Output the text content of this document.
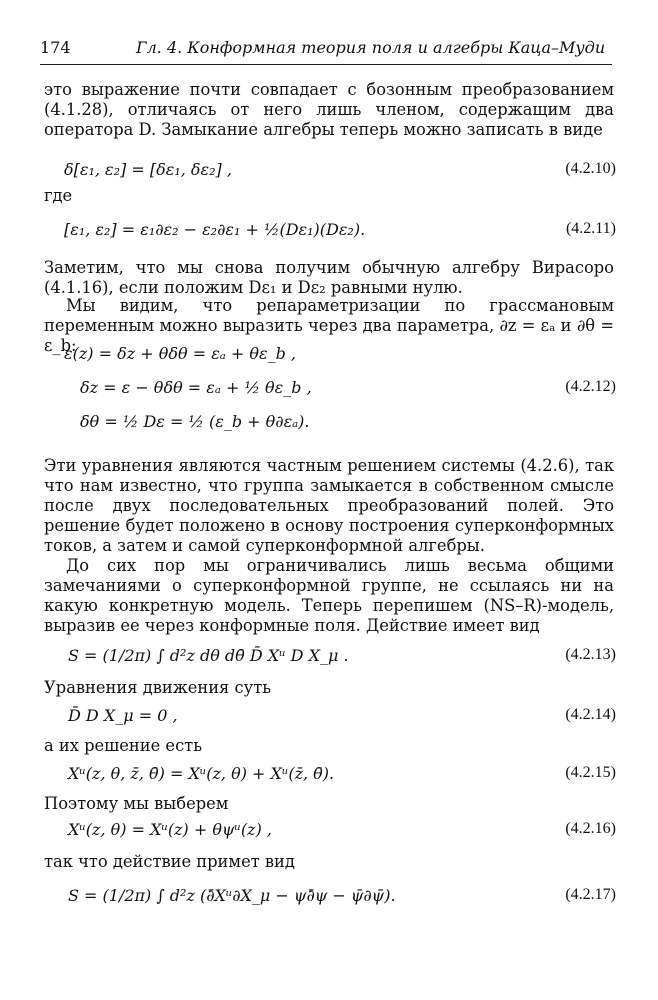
174	Гл. 4. Конформная теория поля и алгебры Каца–Муди
это выражение почти совпадает с бозонным преобразованием (4.1.28), отличаясь от него лишь членом, содержащим два оператора D. Замыкание алгебры теперь можно записать в виде
δ[ε₁, ε₂] = [δε₁, δε₂] ,	(4.2.10)
где
[ε₁, ε₂] = ε₁∂ε₂ − ε₂∂ε₁ + ½(Dε₁)(Dε₂).	(4.2.11)
Заметим, что мы снова получим обычную алгебру Вирасоро (4.1.16), если положим Dε₁ и Dε₂ равными нулю.
Мы видим, что репараметризации по грассмановым переменным можно выразить через два параметра, ∂z = εₐ и ∂θ = ε_b:
ε(z) = δz + θδθ = εₐ + θε_b ,
δz = ε − θδθ = εₐ + ½ θε_b ,	(4.2.12)
δθ = ½ Dε = ½ (ε_b + θ∂εₐ).
Эти уравнения являются частным решением системы (4.2.6), так что нам известно, что группа замыкается в собственном смысле после двух последовательных преобразований полей. Это решение будет положено в основу построения суперконформных токов, а затем и самой суперконформной алгебры.
До сих пор мы ограничивались лишь весьма общими замечаниями о суперконформной группе, не ссылаясь ни на какую конкретную модель. Теперь перепишем (NS–R)-модель, выразив ее через конформные поля. Действие имеет вид
S = (1/2π) ∫ d²z dθ dθ̄ D̄ Xᵘ D X_μ .	(4.2.13)
Уравнения движения суть
D̄ D X_μ = 0 ,	(4.2.14)
а их решение есть
Xᵘ(z, θ, z̄, θ̄) = Xᵘ(z, θ) + Xᵘ(z̄, θ̄).	(4.2.15)
Поэтому мы выберем
Xᵘ(z, θ) = Xᵘ(z) + θψᵘ(z) ,	(4.2.16)
так что действие примет вид
S = (1/2π) ∫ d²z (∂̄Xᵘ∂X_μ − ψ∂̄ψ − ψ̄∂ψ̄).	(4.2.17)
